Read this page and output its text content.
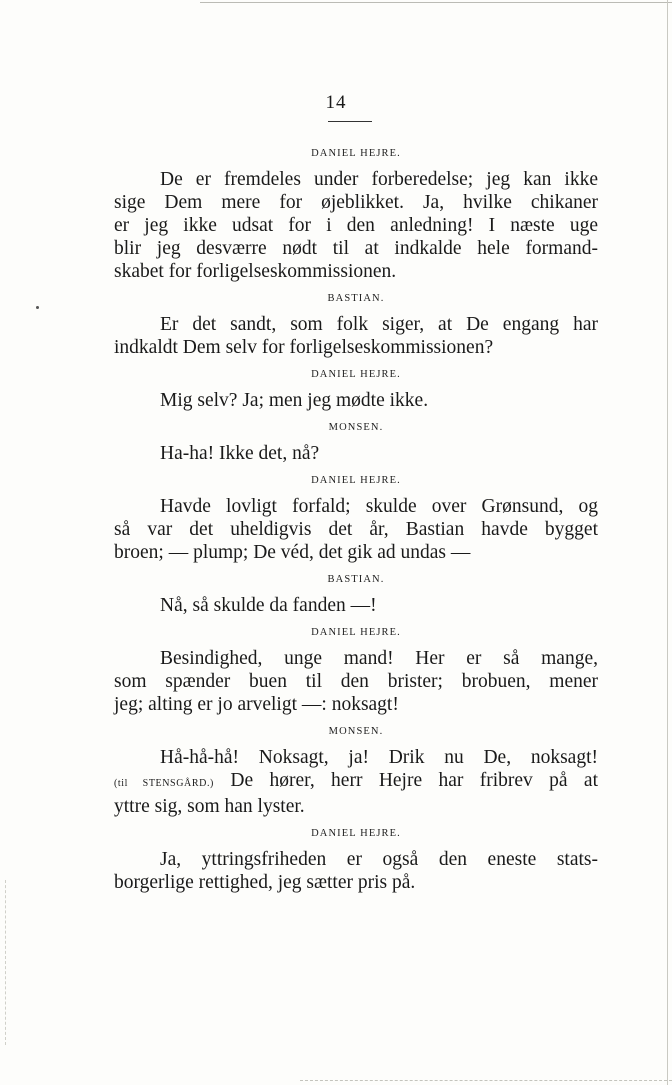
14
DANIEL HEJRE.
De er fremdeles under forberedelse; jeg kan ikke
sige Dem mere for øjeblikket. Ja, hvilke chikaner
er jeg ikke udsat for i den anledning! I næste uge
blir jeg desværre nødt til at indkalde hele formand-
skabet for forligelseskommissionen.
BASTIAN.
Er det sandt, som folk siger, at De engang har
indkaldt Dem selv for forligelseskommissionen?
DANIEL HEJRE.
Mig selv? Ja; men jeg mødte ikke.
MONSEN.
Ha-ha! Ikke det, nå?
DANIEL HEJRE.
Havde lovligt forfald; skulde over Grønsund, og
så var det uheldigvis det år, Bastian havde bygget
broen; — plump; De véd, det gik ad undas —
BASTIAN.
Nå, så skulde da fanden —!
DANIEL HEJRE.
Besindighed, unge mand! Her er så mange,
som spænder buen til den brister; brobuen, mener
jeg; alting er jo arveligt —: noksagt!
MONSEN.
Hå-hå-hå! Noksagt, ja! Drik nu De, noksagt!
(til STENSGÅRD.) De hører, herr Hejre har fribrev på at
yttre sig, som han lyster.
DANIEL HEJRE.
Ja, yttringsfriheden er også den eneste stats-
borgerlige rettighed, jeg sætter pris på.
